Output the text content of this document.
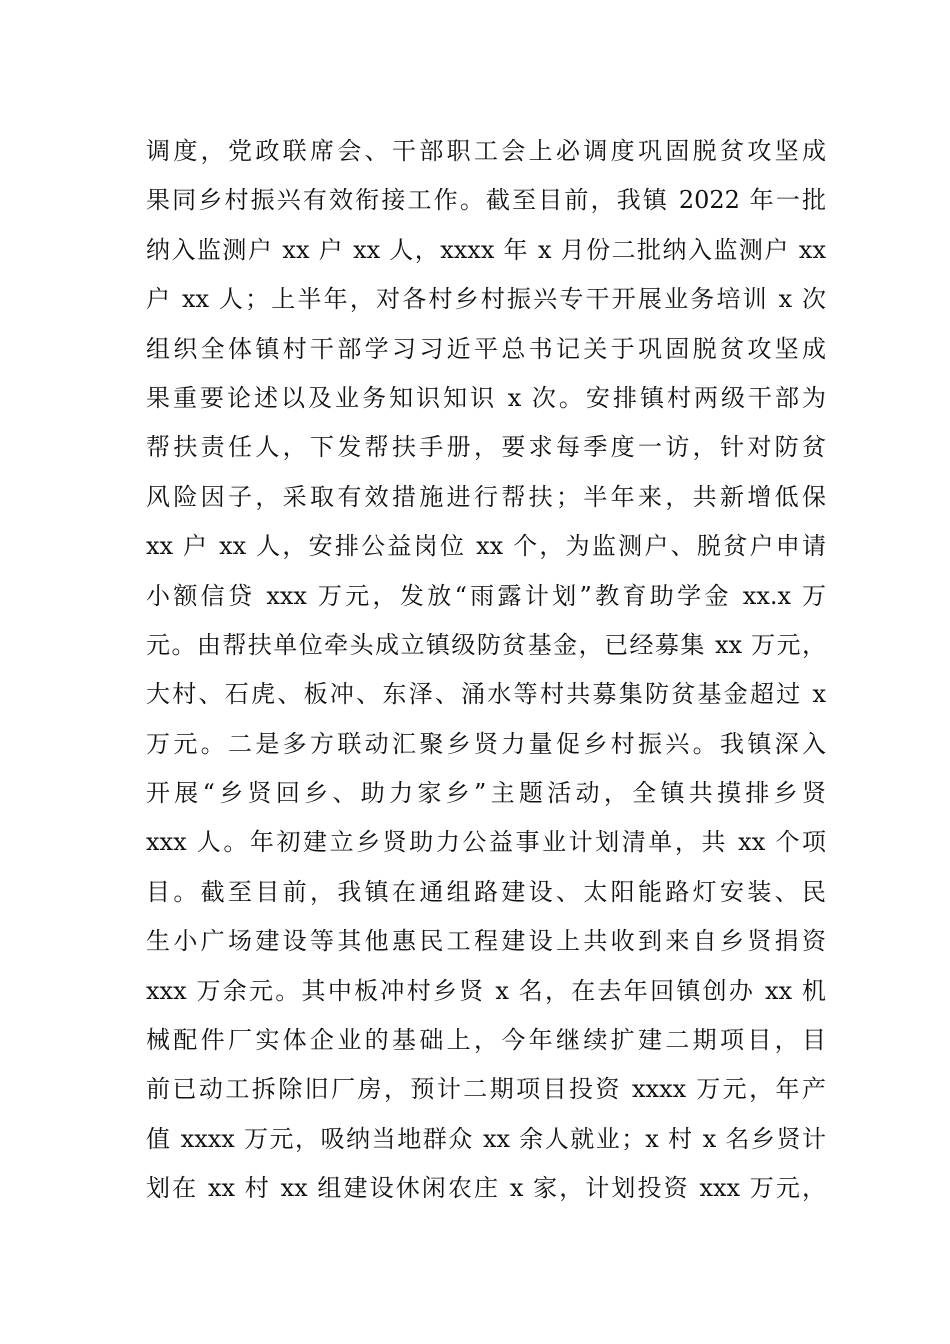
调度，党政联席会、干部职工会上必调度巩固脱贫攻坚成
果同乡村振兴有效衔接工作。截至目前，我镇 2022 年一批
纳入监测户 xx 户 xx 人，xxxx 年 x 月份二批纳入监测户 xx
户 xx 人；上半年，对各村乡村振兴专干开展业务培训 x 次
组织全体镇村干部学习习近平总书记关于巩固脱贫攻坚成
果重要论述以及业务知识知识 x 次。安排镇村两级干部为
帮扶责任人，下发帮扶手册，要求每季度一访，针对防贫
风险因子，采取有效措施进行帮扶；半年来，共新增低保
xx 户 xx 人，安排公益岗位 xx 个，为监测户、脱贫户申请
小额信贷 xxx 万元，发放“雨露计划”教育助学金 xx.x 万
元。由帮扶单位牵头成立镇级防贫基金，已经募集 xx 万元，
大村、石虎、板冲、东泽、涌水等村共募集防贫基金超过 x
万元。二是多方联动汇聚乡贤力量促乡村振兴。我镇深入
开展“乡贤回乡、助力家乡”主题活动，全镇共摸排乡贤
xxx 人。年初建立乡贤助力公益事业计划清单，共 xx 个项
目。截至目前，我镇在通组路建设、太阳能路灯安装、民
生小广场建设等其他惠民工程建设上共收到来自乡贤捐资
xxx 万余元。其中板冲村乡贤 x 名，在去年回镇创办 xx 机
械配件厂实体企业的基础上，今年继续扩建二期项目，目
前已动工拆除旧厂房，预计二期项目投资 xxxx 万元，年产
值 xxxx 万元，吸纳当地群众 xx 余人就业；x 村 x 名乡贤计
划在 xx 村 xx 组建设休闲农庄 x 家，计划投资 xxx 万元，
